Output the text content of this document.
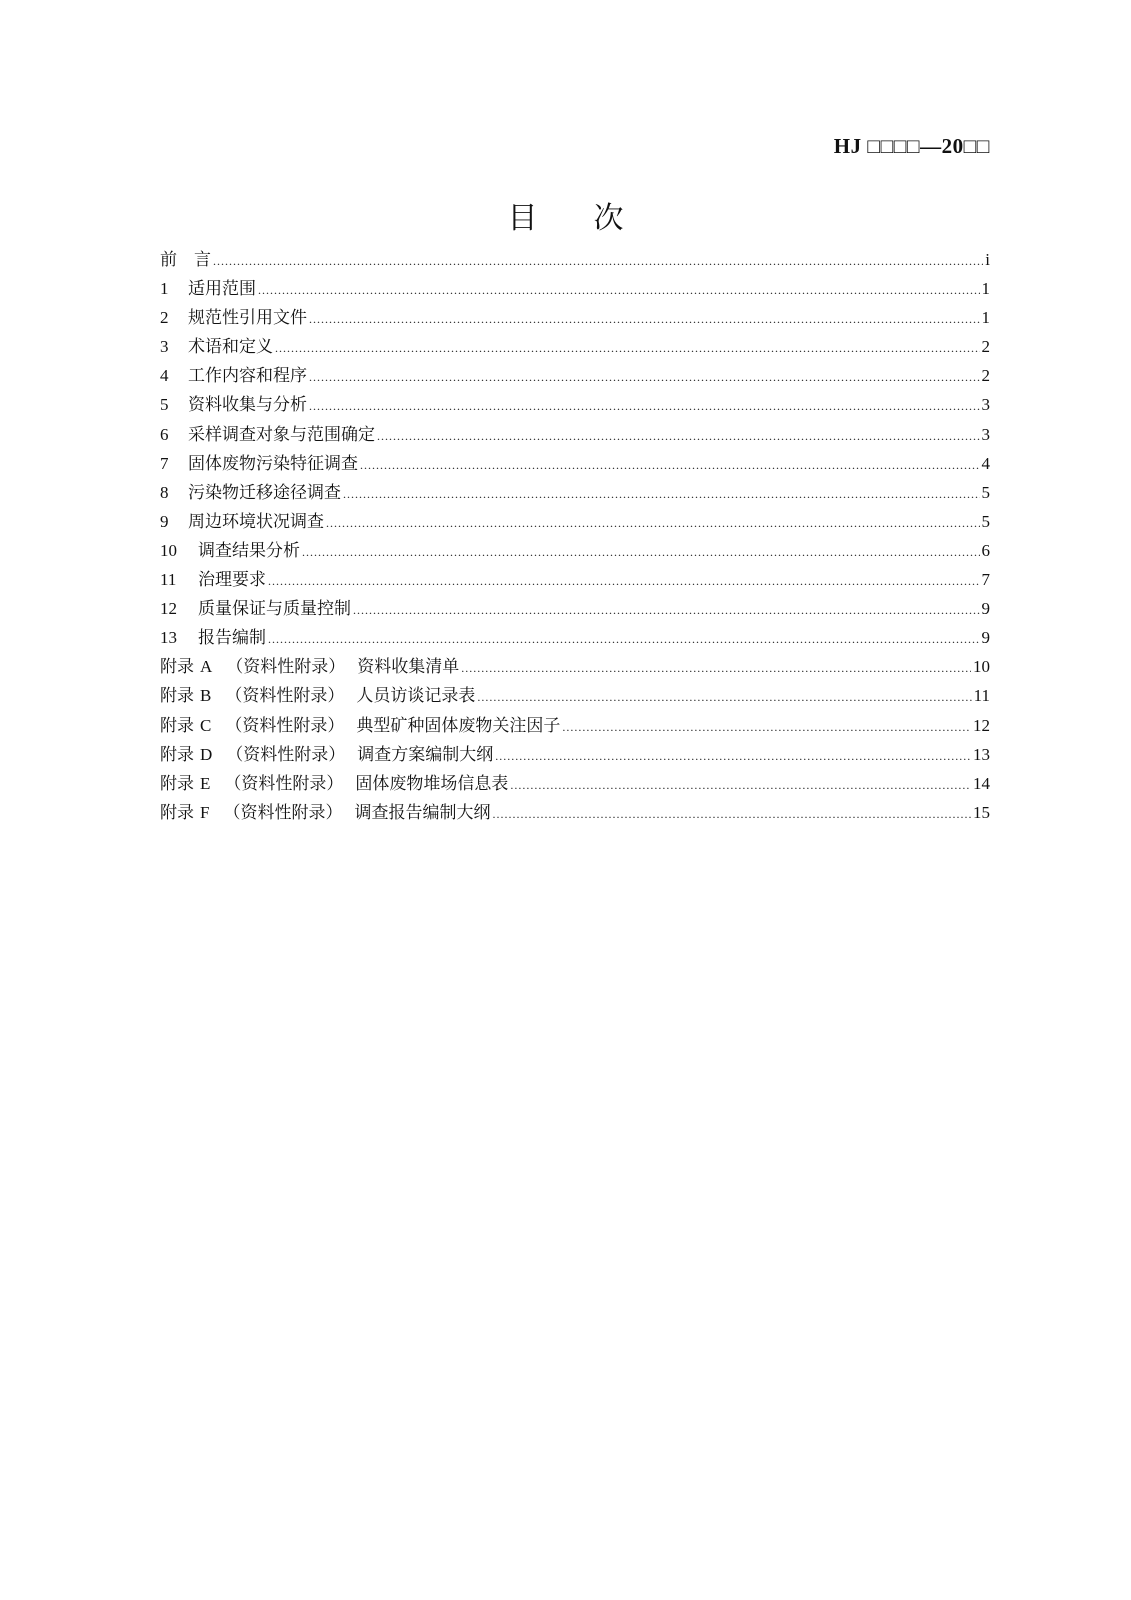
HJ □□□□—20□□
目 次
前　言 .....	i
1	适用范围 .....	1
2	规范性引用文件 .....	1
3	术语和定义 .....	2
4	工作内容和程序 .....	2
5	资料收集与分析 .....	3
6	采样调查对象与范围确定 .....	3
7	固体废物污染特征调查 .....	4
8	污染物迁移途径调查 .....	5
9	周边环境状况调查 .....	5
10	调查结果分析 .....	6
11	治理要求 .....	7
12	质量保证与质量控制 .....	9
13	报告编制 .....	9
附录 A （资料性附录） 资料收集清单 .....	10
附录 B （资料性附录） 人员访谈记录表 .....	11
附录 C （资料性附录） 典型矿种固体废物关注因子 .....	12
附录 D （资料性附录） 调查方案编制大纲 .....	13
附录 E （资料性附录） 固体废物堆场信息表 .....	14
附录 F （资料性附录） 调查报告编制大纲 .....	15
